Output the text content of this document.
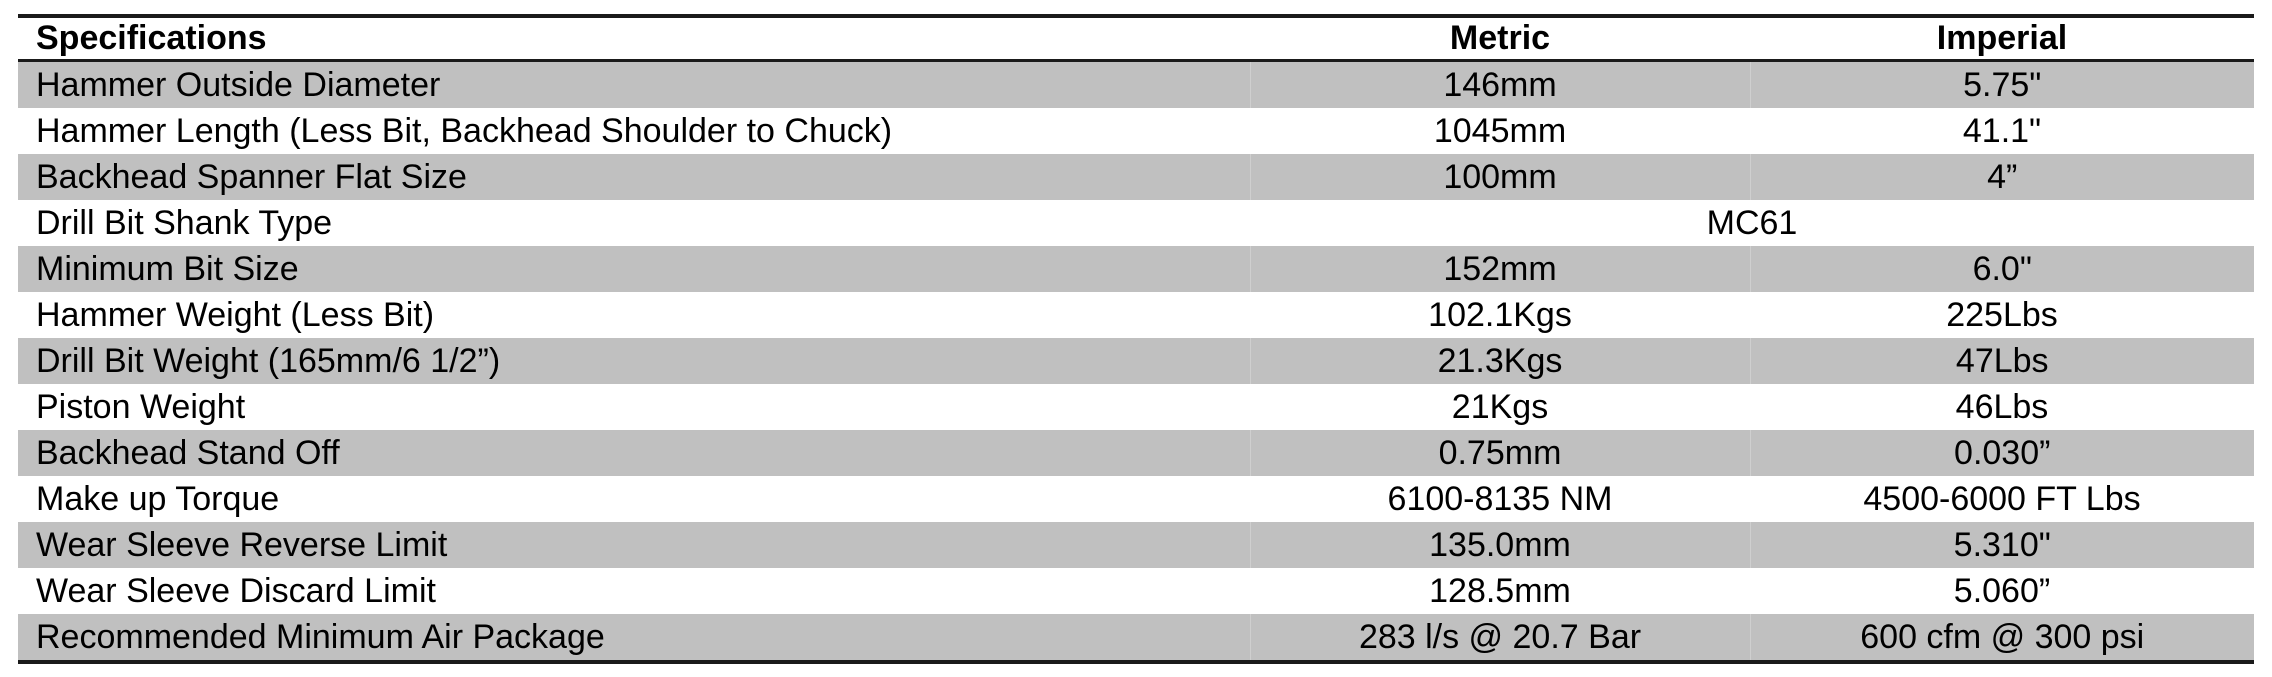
Specifications	Metric	Imperial
Hammer Outside Diameter	146mm	5.75"
Hammer Length (Less Bit, Backhead Shoulder to Chuck)	1045mm	41.1"
Backhead Spanner Flat Size	100mm	4”
Drill Bit Shank Type	MC61	
Minimum Bit Size	152mm	6.0"
Hammer Weight (Less Bit)	102.1Kgs	225Lbs
Drill Bit Weight (165mm/6 1/2”)	21.3Kgs	47Lbs
Piston Weight	21Kgs	46Lbs
Backhead Stand Off	0.75mm	0.030”
Make up Torque	6100-8135 NM	4500-6000 FT Lbs
Wear Sleeve Reverse Limit	135.0mm	5.310"
Wear Sleeve Discard Limit	128.5mm	5.060”
Recommended Minimum Air Package	283 l/s @ 20.7 Bar	600 cfm @ 300 psi
